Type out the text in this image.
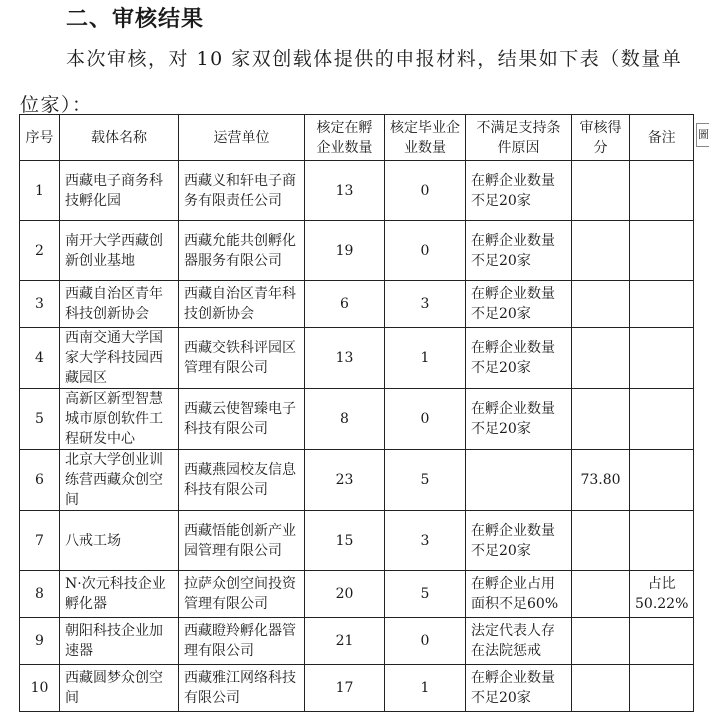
二、审核结果
本次审核，对 10 家双创载体提供的申报材料，结果如下表（数量单位家）：
序号	载体名称	运营单位	核定在孵企业数量	核定毕业企业数量	不满足支持条件原因	审核得分	备注
1	西藏电子商务科技孵化园	西藏义和轩电子商务有限责任公司	13	0	在孵企业数量不足20家		
2	南开大学西藏创新创业基地	西藏允能共创孵化器服务有限公司	19	0	在孵企业数量不足20家		
3	西藏自治区青年科技创新协会	西藏自治区青年科技创新协会	6	3	在孵企业数量不足20家		
4	西南交通大学国家大学科技园西藏园区	西藏交铁科评园区管理有限公司	13	1	在孵企业数量不足20家		
5	高新区新型智慧城市原创软件工程研发中心	西藏云使智臻电子科技有限公司	8	0	在孵企业数量不足20家		
6	北京大学创业训练营西藏众创空间	西藏燕园校友信息科技有限公司	23	5		73.80	
7	八戒工场	西藏悟能创新产业园管理有限公司	15	3	在孵企业数量不足20家		
8	N·次元科技企业孵化器	拉萨众创空间投资管理有限公司	20	5	在孵企业占用面积不足60%		占比50.22%
9	朝阳科技企业加速器	西藏瞪羚孵化器管理有限公司	21	0	法定代表人存在法院惩戒		
10	西藏圆梦众创空间	西藏雅江网络科技有限公司	17	1	在孵企业数量不足20家		
圖
